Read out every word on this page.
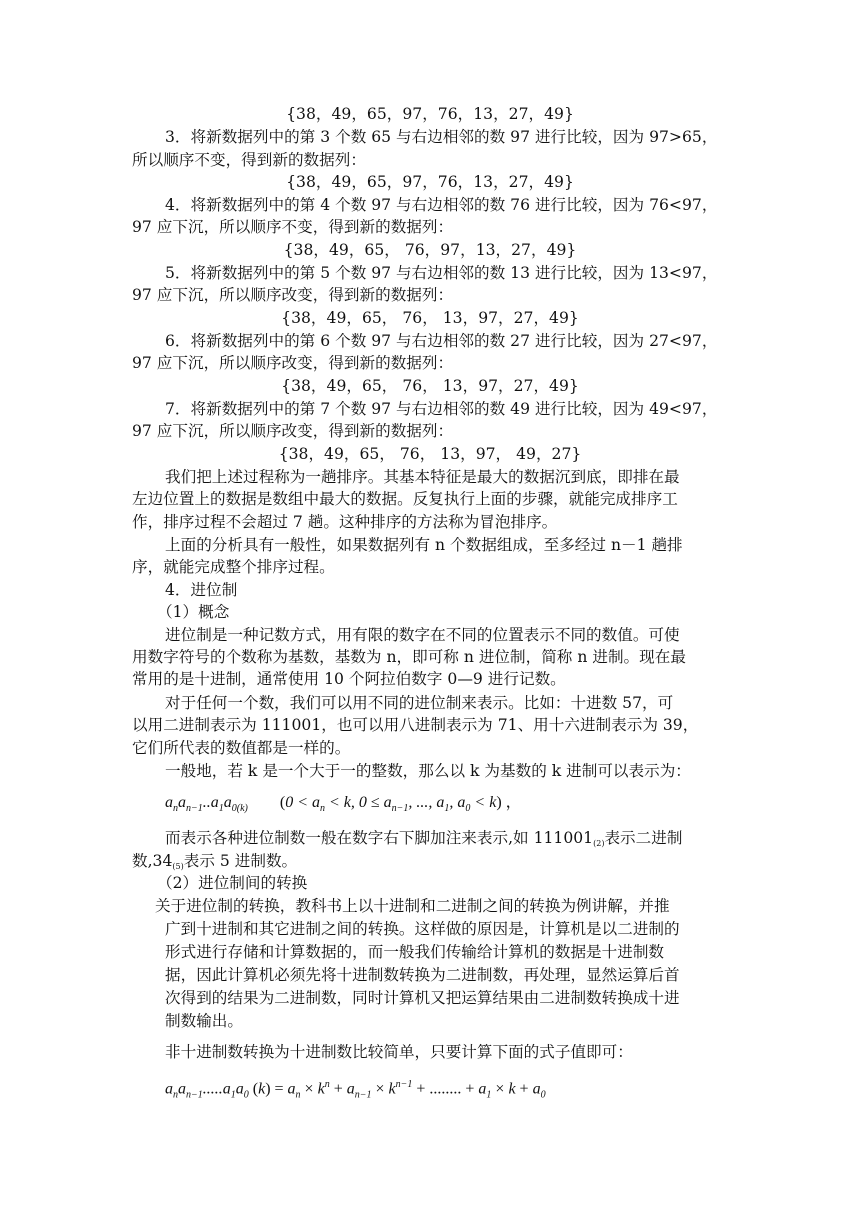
{38，49，65，97，76，13，27，49}
3．将新数据列中的第 3 个数 65 与右边相邻的数 97 进行比较，因为 97>65，
所以顺序不变，得到新的数据列：
{38，49，65，97，76，13，27，49}
4．将新数据列中的第 4 个数 97 与右边相邻的数 76 进行比较，因为 76<97，
97 应下沉，所以顺序不变，得到新的数据列：
{38，49，65， 76，97，13，27，49}
5．将新数据列中的第 5 个数 97 与右边相邻的数 13 进行比较，因为 13<97，
97 应下沉，所以顺序改变，得到新的数据列：
{38，49，65， 76， 13，97，27，49}
6．将新数据列中的第 6 个数 97 与右边相邻的数 27 进行比较，因为 27<97，
97 应下沉，所以顺序改变，得到新的数据列：
{38，49，65， 76， 13，97，27，49}
7．将新数据列中的第 7 个数 97 与右边相邻的数 49 进行比较，因为 49<97，
97 应下沉，所以顺序改变，得到新的数据列：
{38，49，65， 76， 13，97， 49，27}
我们把上述过程称为一趟排序。其基本特征是最大的数据沉到底，即排在最
左边位置上的数据是数组中最大的数据。反复执行上面的步骤，就能完成排序工
作，排序过程不会超过 7 趟。这种排序的方法称为冒泡排序。
上面的分析具有一般性，如果数据列有 n 个数据组成，至多经过 n－1 趟排
序，就能完成整个排序过程。
4．进位制
（1）概念
进位制是一种记数方式，用有限的数字在不同的位置表示不同的数值。可使
用数字符号的个数称为基数，基数为 n，即可称 n 进位制，简称 n 进制。现在最
常用的是十进制，通常使用 10 个阿拉伯数字 0—9 进行记数。
对于任何一个数，我们可以用不同的进位制来表示。比如：十进数 57，可
以用二进制表示为 111001，也可以用八进制表示为 71、用十六进制表示为 39，
它们所代表的数值都是一样的。
一般地，若 k 是一个大于一的整数，那么以 k 为基数的 k 进制可以表示为：
$a_na_{n-1}..a_1a_{0(k)}$ ($0 < a_n < k$, $0 \le a_{n-1}$, ..., $a_1$, $a_0 < k$) ，
而表示各种进位制数一般在数字右下脚加注来表示,如 111001(2)表示二进制
数,34(5)表示 5 进制数。
（2）进位制间的转换
关于进位制的转换，教科书上以十进制和二进制之间的转换为例讲解，并推
广到十进制和其它进制之间的转换。这样做的原因是，计算机是以二进制的
形式进行存储和计算数据的，而一般我们传输给计算机的数据是十进制数
据，因此计算机必须先将十进制数转换为二进制数，再处理，显然运算后首
次得到的结果为二进制数，同时计算机又把运算结果由二进制数转换成十进
制数输出。
非十进制数转换为十进制数比较简单，只要计算下面的式子值即可：
$a_na_{n-1}.....a_1a_0$ $(k) = a_n \times k^n + a_{n-1} \times k^{n-1}$ + ........ + $a_1 \times k + a_0$
